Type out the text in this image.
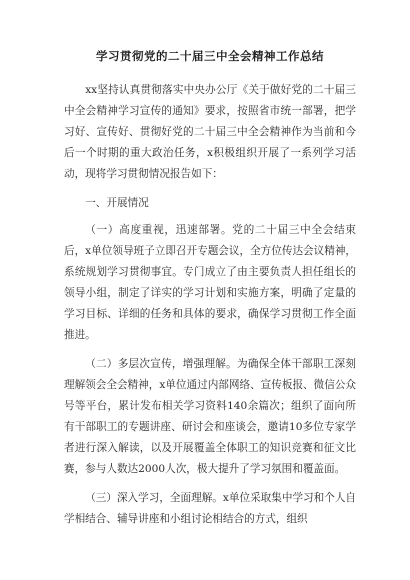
学习贯彻党的二十届三中全会精神工作总结

xx坚持认真贯彻落实中央办公厅《关于做好党的二十届三中全会精神学习宣传的通知》要求，按照省市统一部署，把学习好、宣传好、贯彻好党的二十届三中全会精神作为当前和今后一个时期的重大政治任务，x积极组织开展了一系列学习活动，现将学习贯彻情况报告如下：

一、开展情况

（一）高度重视，迅速部署。党的二十届三中全会结束后，x单位领导班子立即召开专题会议，全方位传达会议精神，系统规划学习贯彻事宜。专门成立了由主要负责人担任组长的领导小组，制定了详实的学习计划和实施方案，明确了定量的学习目标、详细的任务和具体的要求，确保学习贯彻工作全面推进。

（二）多层次宣传，增强理解。为确保全体干部职工深刻理解领会全会精神，x单位通过内部网络、宣传板报、微信公众号等平台，累计发布相关学习资料140余篇次；组织了面向所有干部职工的专题讲座、研讨会和座谈会，邀请10多位专家学者进行深入解读，以及开展覆盖全体职工的知识竞赛和征文比赛，参与人数达2000人次，极大提升了学习氛围和覆盖面。

（三）深入学习，全面理解。x单位采取集中学习和个人自学相结合、辅导讲座和小组讨论相结合的方式，组织
